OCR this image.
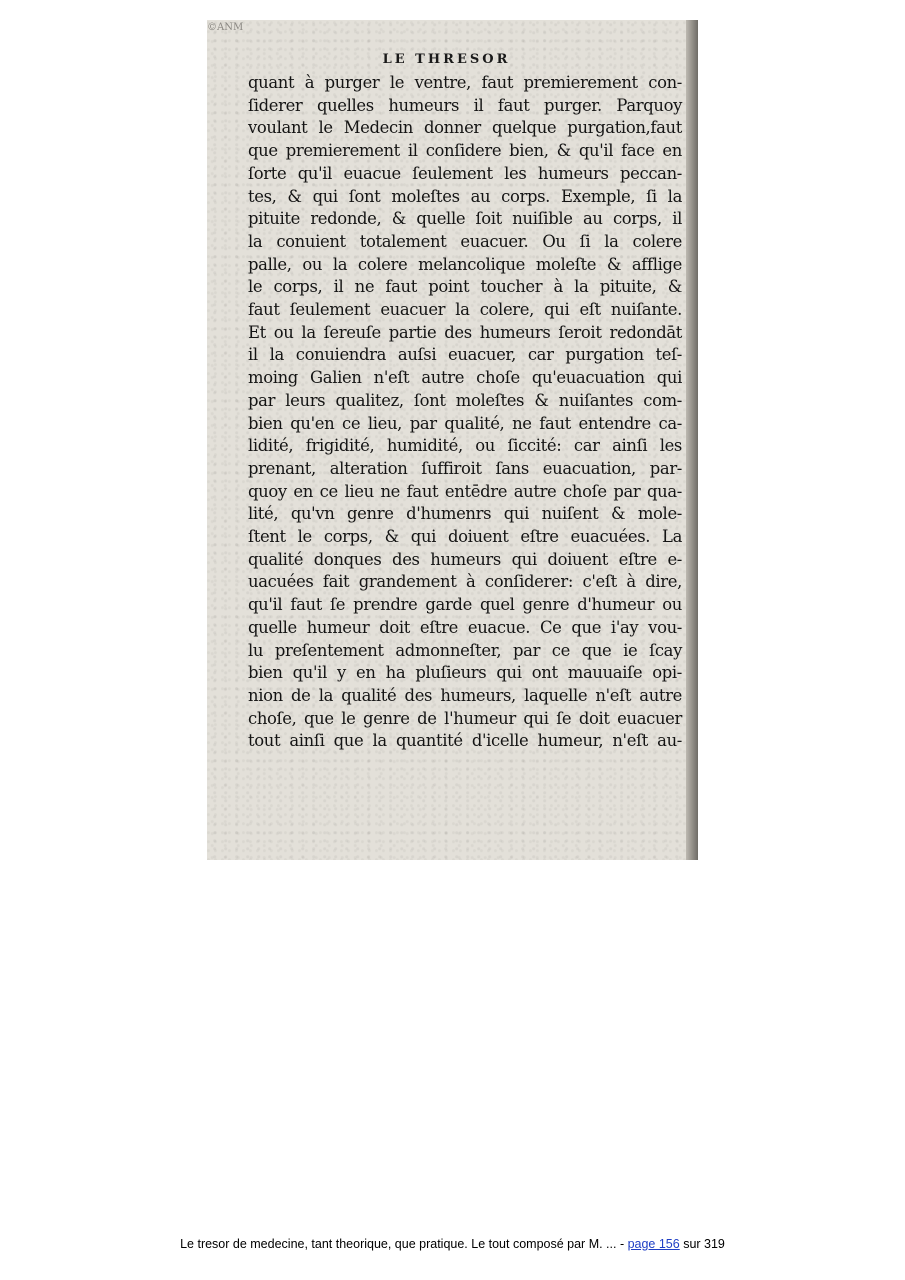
©ANM
LE THRESOR
quant à purger le ventre, faut premierement con-
ſiderer quelles humeurs il faut purger. Parquoy
voulant le Medecin donner quelque purgation,faut
que premierement il conſidere bien, & qu'il face en
ſorte qu'il euacue ſeulement les humeurs peccan-
tes, & qui ſont moleſtes au corps. Exemple, ſi la
pituite redonde, & quelle ſoit nuiſible au corps, il
la conuient totalement euacuer. Ou ſi la colere
palle, ou la colere melancolique moleſte & afflige
le corps, il ne faut point toucher à la pituite, &
faut ſeulement euacuer la colere, qui eſt nuiſante.
Et ou la ſereuſe partie des humeurs ſeroit redondāt
il la conuiendra auſsi euacuer, car purgation teſ-
moing Galien n'eſt autre choſe qu'euacuation qui
par leurs qualitez, ſont moleſtes & nuiſantes com-
bien qu'en ce lieu, par qualité, ne faut entendre ca-
lidité, frigidité, humidité, ou ſiccité: car ainſi les
prenant, alteration ſuffiroit ſans euacuation, par-
quoy en ce lieu ne faut entēdre autre choſe par qua-
lité, qu'vn genre d'humenrs qui nuiſent & mole-
ſtent le corps, & qui doiuent eſtre euacuées. La
qualité donques des humeurs qui doiuent eſtre e-
uacuées fait grandement à conſiderer: c'eſt à dire,
qu'il faut ſe prendre garde quel genre d'humeur ou
quelle humeur doit eſtre euacue. Ce que i'ay vou-
lu preſentement admonneſter, par ce que ie ſcay
bien qu'il y en ha pluſieurs qui ont mauuaiſe opi-
nion de la qualité des humeurs, laquelle n'eſt autre
choſe, que le genre de l'humeur qui ſe doit euacuer
tout ainſi que la quantité d'icelle humeur, n'eſt au-
Le tresor de medecine, tant theorique, que pratique. Le tout composé par M. ... - page 156 sur 319
